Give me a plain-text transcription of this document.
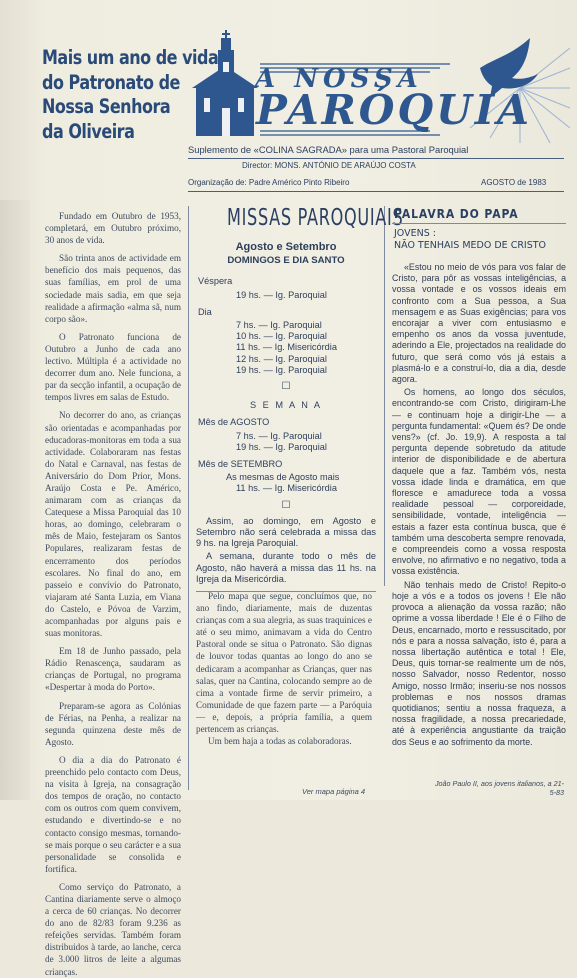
Mais um ano de vida
do Patronato de
Nossa Senhora
da Oliveira
A NOSSA
PARÓQUIA
Suplemento de «COLINA SAGRADA» para uma Pastoral Paroquial
Director: MONS. ANTÓNIO DE ARAÚJO COSTA
Organização de: Padre Américo Pinto Ribeiro	AGOSTO de 1983

Fundado em Outubro de 1953, completará, em Outubro próximo, 30 anos de vida.

São trinta anos de actividade em benefício dos mais pequenos, das suas famílias, em prol de uma sociedade mais sadia, em que seja realidade a afirmação «alma sã, num corpo são».

O Patronato funciona de Outubro a Junho de cada ano lectivo. Múltipla é a actividade no decorrer dum ano. Nele funciona, a par da secção infantil, a ocupação de tempos livres em salas de Estudo.

No decorrer do ano, as crianças são orientadas e acompanhadas por educadoras-monitoras em toda a sua actividade. Colaboraram nas festas do Natal e Carnaval, nas festas de Aniversário do Dom Prior, Mons. Araújo Costa e Pe. Américo, animaram com as crianças da Catequese a Missa Paroquial das 10 horas, ao domingo, celebraram o mês de Maio, festejaram os Santos Populares, realizaram festas de encerramento dos períodos escolares. No final do ano, em passeio e convívio do Patronato, viajaram até Santa Luzia, em Viana do Castelo, e Póvoa de Varzim, acompanhadas por alguns pais e suas monitoras.

Em 18 de Junho passado, pela Rádio Renascença, saudaram as crianças de Portugal, no programa «Despertar à moda do Porto».

Preparam-se agora as Colónias de Férias, na Penha, a realizar na segunda quinzena deste mês de Agosto.

O dia a dia do Patronato é preenchido pelo contacto com Deus, na visita à Igreja, na consagração dos tempos de oração, no contacto com os outros com quem convivem, estudando e divertindo-se e no contacto consigo mesmas, tornando-se mais porque o seu carácter e a sua personalidade se consolida e fortifica.

Como serviço do Patronato, a Cantina diariamente serve o almoço a cerca de 60 crianças. No decorrer do ano de 82/83 foram 9.236 as refeições servidas. Também foram distribuidos à tarde, ao lanche, cerca de 3.000 litros de leite a algumas crianças.

MISSAS PAROQUIAIS
Agosto e Setembro
DOMINGOS E DIA SANTO
Véspera
19 hs. — Ig. Paroquial
Dia
7 hs. — Ig. Paroquial
10 hs. — Ig. Paroquial
11 hs. — Ig. Misericórdia
12 hs. — Ig. Paroquial
19 hs. — Ig. Paroquial
☐
S E M A N A
Mês de AGOSTO
7 hs. — Ig. Paroquial
19 hs. — Ig. Paroquial
Mês de SETEMBRO
As mesmas de Agosto mais
11 hs. — Ig. Misericórdia
☐

Assim, ao domingo, em Agosto e Setembro não será celebrada a missa das 9 hs. na Igreja Paroquial.

A semana, durante todo o mês de Agosto, não haverá a missa das 11 hs. na Igreja da Misericórdia.

Pelo mapa que segue, concluímos que, no ano findo, diariamente, mais de duzentas crianças com a sua alegria, as suas traquinices e até o seu mimo, animavam a vida do Centro Pastoral onde se situa o Patronato. São dignas de louvor todas quantas ao longo do ano se dedicaram a acompanhar as Crianças, quer nas salas, quer na Cantina, colocando sempre ao de cima a vontade firme de servir primeiro, a Comunidade de que fazem parte — a Paróquia — e, depois, a própria família, a quem pertencem as crianças.

Um bem haja a todas as colaboradoras.

Ver mapa página 4
PALAVRA DO PAPA
JOVENS :
NÃO TENHAIS MEDO DE CRISTO

«Estou no meio de vós para vos falar de Cristo, para pôr as vossas inteligências, a vossa vontade e os vossos ideais em confronto com a Sua pessoa, a Sua mensagem e as Suas exigências; para vos encorajar a viver com entusiasmo e empenho os anos da vossa juventude, aderindo a Ele, projectados na realidade do futuro, que será como vós já estais a plasmá-lo e a construí-lo, dia a dia, desde agora.

Os homens, ao longo dos séculos, encontrando-se com Cristo, dirigiram-Lhe — e continuam hoje a dirigir-Lhe — a pergunta fundamental: «Quem és? De onde vens?» (cf. Jo. 19,9). A resposta a tal pergunta depende sobretudo da atitude interior de disponibilidade e de abertura daquele que a faz. Também vós, nesta vossa idade linda e dramática, em que floresce e amadurece toda a vossa realidade pessoal — corporeidade, sensibilidade, vontade, inteligência — estais a fazer esta contínua busca, que é também uma descoberta sempre renovada, e compreendeis como a vossa resposta envolve, no afirmativo e no negativo, toda a vossa existência.

Não tenhais medo de Cristo! Repito-o hoje a vós e a todos os jovens ! Ele não provoca a alienação da vossa razão; não oprime a vossa liberdade ! Ele é o Filho de Deus, encarnado, morto e ressuscitado, por nós e para a nossa salvação, isto é, para a nossa libertação autêntica e total ! Ele, Deus, quis tornar-se realmente um de nós, nosso Salvador, nosso Redentor, nosso Amigo, nosso Irmão; inseriu-se nos nossos problemas e nos nossos dramas quotidianos; sentiu a nossa fraqueza, a nossa fragilidade, a nossa precariedade, até à experiência angustiante da traição dos Seus e ao sofrimento da morte.

João Paulo II, aos jovens italianos, a 21-5-83
